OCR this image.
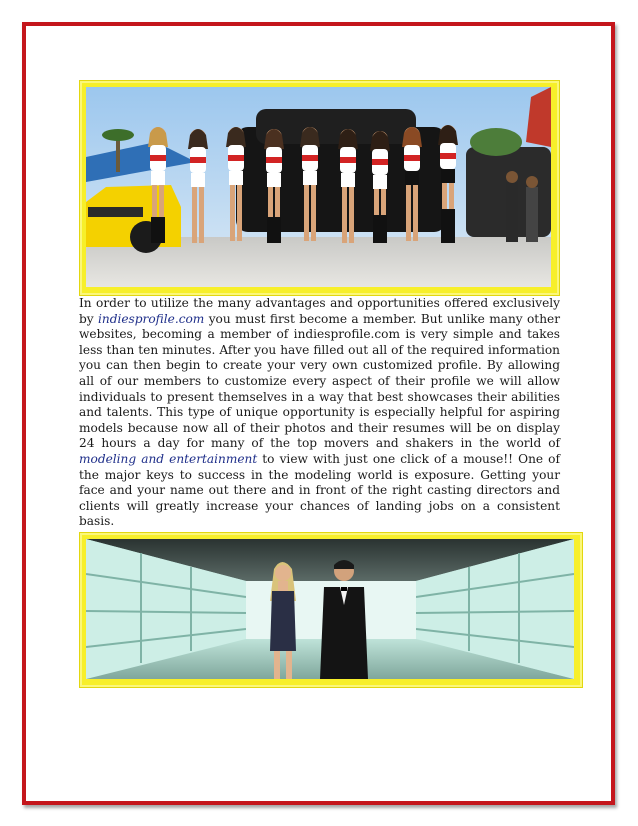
In order to utilize the many advantages and opportunities offered exclusively by indiesprofile.com you must first become a member. But unlike many other websites, becoming a member of indiesprofile.com is very simple and takes less than ten minutes. After you have filled out all of the required information you can then begin to create your very own customized profile. By allowing all of our members to customize every aspect of their profile we will allow individuals to present themselves in a way that best showcases their abilities and talents. This type of unique opportunity is especially helpful for aspiring models because now all of their photos and their resumes will be on display 24 hours a day for many of the top movers and shakers in the world of modeling and entertainment to view with just one click of a mouse!! One of the major keys to success in the modeling world is exposure. Getting your face and your name out there and in front of the right casting directors and clients will greatly increase your chances of landing jobs on a consistent basis.
